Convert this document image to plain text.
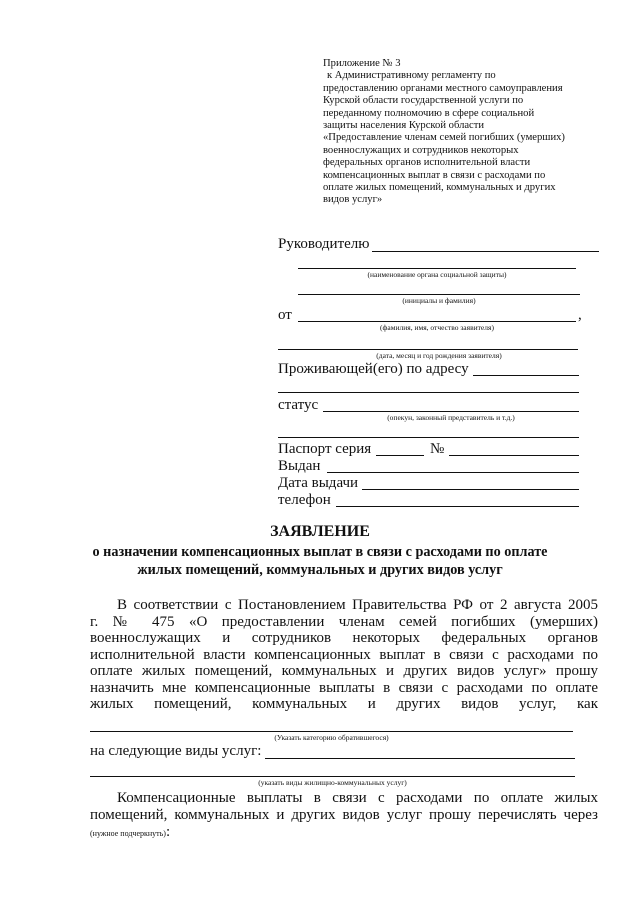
Приложение № 3
к Административному регламенту по
предоставлению органами местного самоуправления
Курской области государственной услуги по
переданному полномочию в сфере социальной
защиты населения Курской области
«Предоставление членам семей погибших (умерших)
военнослужащих и сотрудников некоторых
федеральных органов исполнительной власти
компенсационных выплат в связи с расходами по
оплате жилых помещений, коммунальных и других
видов услуг»
Руководителю
(наименование органа социальной защиты)
(инициалы и фамилия)
от	,
(фамилия, имя, отчество заявителя)
(дата, месяц и год рождения заявителя)
Проживающей(его) по адресу
статус
(опекун, законный представитель и т.д.)
Паспорт серия	№
Выдан
Дата выдачи
телефон
ЗАЯВЛЕНИЕ
о назначении компенсационных выплат в связи с расходами по оплате
жилых помещений, коммунальных и других видов услуг
В соответствии с Постановлением Правительства РФ от 2 августа 2005
г. № 475 «О предоставлении членам семей погибших (умерших)
военнослужащих и сотрудников некоторых федеральных органов
исполнительной власти компенсационных выплат в связи с расходами по
оплате жилых помещений, коммунальных и других видов услуг» прошу
назначить мне компенсационные выплаты в связи с расходами по оплате
жилых помещений, коммунальных и других видов услуг, как
(Указать категорию обратившегося)
на следующие виды услуг:
(указать виды жилищно-коммунальных услуг)
Компенсационные выплаты в связи с расходами по оплате жилых
помещений, коммунальных и других видов услуг прошу перечислять через
(нужное подчеркнуть):
